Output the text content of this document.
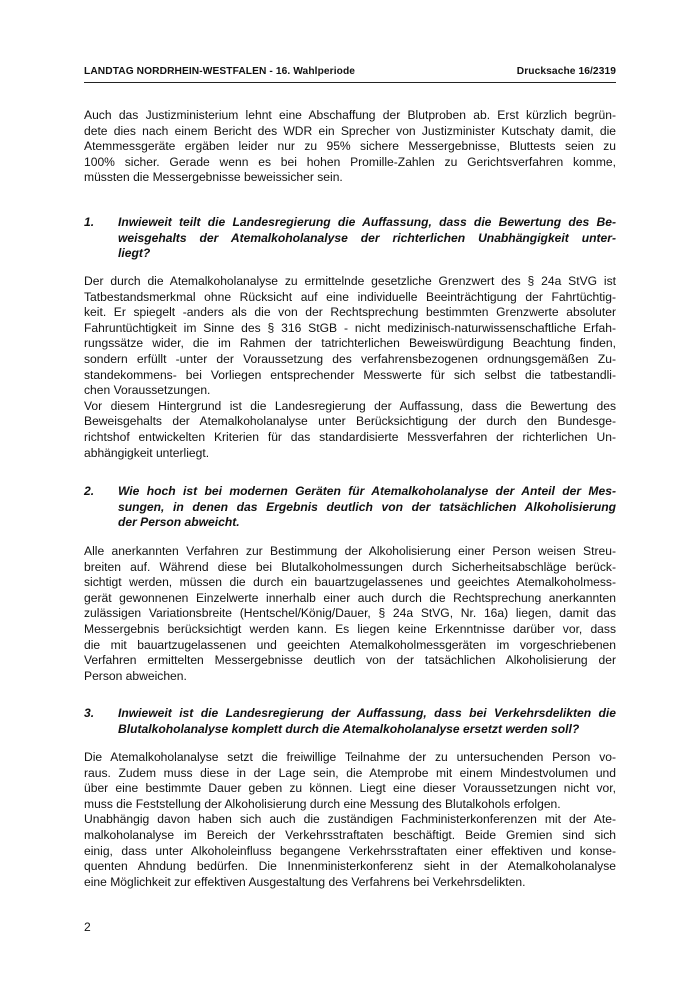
LANDTAG NORDRHEIN-WESTFALEN - 16. Wahlperiode	Drucksache 16/2319
Auch das Justizministerium lehnt eine Abschaffung der Blutproben ab. Erst kürzlich begrün-
dete dies nach einem Bericht des WDR ein Sprecher von Justizminister Kutschaty damit, die
Atemmessgeräte ergäben leider nur zu 95% sichere Messergebnisse, Bluttests seien zu
100% sicher. Gerade wenn es bei hohen Promille-Zahlen zu Gerichtsverfahren komme,
müssten die Messergebnisse beweissicher sein.
1. Inwieweit teilt die Landesregierung die Auffassung, dass die Bewertung des Be-
weisgehalts der Atemalkoholanalyse der richterlichen Unabhängigkeit unter-
liegt?
Der durch die Atemalkoholanalyse zu ermittelnde gesetzliche Grenzwert des § 24a StVG ist
Tatbestandsmerkmal ohne Rücksicht auf eine individuelle Beeinträchtigung der Fahrtüchtig-
keit. Er spiegelt -anders als die von der Rechtsprechung bestimmten Grenzwerte absoluter
Fahruntüchtigkeit im Sinne des § 316 StGB - nicht medizinisch-naturwissenschaftliche Erfah-
rungssätze wider, die im Rahmen der tatrichterlichen Beweiswürdigung Beachtung finden,
sondern erfüllt -unter der Voraussetzung des verfahrensbezogenen ordnungsgemäßen Zu-
standekommens- bei Vorliegen entsprechender Messwerte für sich selbst die tatbestandli-
chen Voraussetzungen.
Vor diesem Hintergrund ist die Landesregierung der Auffassung, dass die Bewertung des
Beweisgehalts der Atemalkoholanalyse unter Berücksichtigung der durch den Bundesge-
richtshof entwickelten Kriterien für das standardisierte Messverfahren der richterlichen Un-
abhängigkeit unterliegt.
2. Wie hoch ist bei modernen Geräten für Atemalkoholanalyse der Anteil der Mes-
sungen, in denen das Ergebnis deutlich von der tatsächlichen Alkoholisierung
der Person abweicht.
Alle anerkannten Verfahren zur Bestimmung der Alkoholisierung einer Person weisen Streu-
breiten auf. Während diese bei Blutalkoholmessungen durch Sicherheitsabschläge berück-
sichtigt werden, müssen die durch ein bauartzugelassenes und geeichtes Atemalkoholmess-
gerät gewonnenen Einzelwerte innerhalb einer auch durch die Rechtsprechung anerkannten
zulässigen Variationsbreite (Hentschel/König/Dauer, § 24a StVG, Nr. 16a) liegen, damit das
Messergebnis berücksichtigt werden kann. Es liegen keine Erkenntnisse darüber vor, dass
die mit bauartzugelassenen und geeichten Atemalkoholmessgeräten im vorgeschriebenen
Verfahren ermittelten Messergebnisse deutlich von der tatsächlichen Alkoholisierung der
Person abweichen.
3. Inwieweit ist die Landesregierung der Auffassung, dass bei Verkehrsdelikten die
Blutalkoholanalyse komplett durch die Atemalkoholanalyse ersetzt werden soll?
Die Atemalkoholanalyse setzt die freiwillige Teilnahme der zu untersuchenden Person vo-
raus. Zudem muss diese in der Lage sein, die Atemprobe mit einem Mindestvolumen und
über eine bestimmte Dauer geben zu können. Liegt eine dieser Voraussetzungen nicht vor,
muss die Feststellung der Alkoholisierung durch eine Messung des Blutalkohols erfolgen.
Unabhängig davon haben sich auch die zuständigen Fachministerkonferenzen mit der Ate-
malkoholanalyse im Bereich der Verkehrsstraftaten beschäftigt. Beide Gremien sind sich
einig, dass unter Alkoholeinfluss begangene Verkehrsstraftaten einer effektiven und konse-
quenten Ahndung bedürfen. Die Innenministerkonferenz sieht in der Atemalkoholanalyse
eine Möglichkeit zur effektiven Ausgestaltung des Verfahrens bei Verkehrsdelikten.
2
